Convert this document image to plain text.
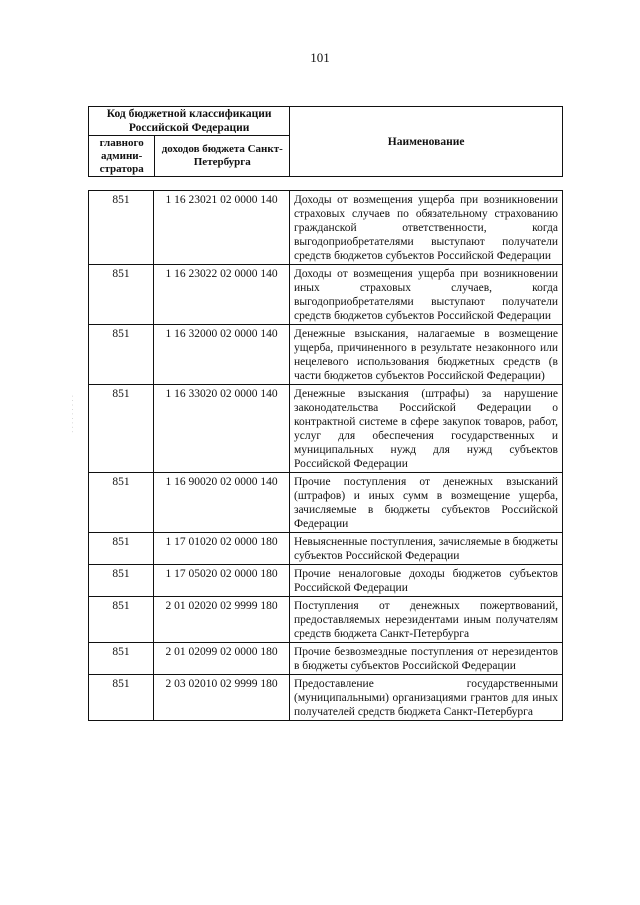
101
· · · · · · · · ·
Код бюджетной классификации Российской Федерации		Наименование
главного админи-стратора	доходов бюджета Санкт-Петербурга	
851	1 16 23021 02 0000 140	Доходы от возмещения ущерба при возникновении страховых случаев по обязательному страхованию гражданской ответственности, когда выгодоприобретателями выступают получатели средств бюджетов субъектов Российской Федерации
851	1 16 23022 02 0000 140	Доходы от возмещения ущерба при возникновении иных страховых случаев, когда выгодоприобретателями выступают получатели средств бюджетов субъектов Российской Федерации
851	1 16 32000 02 0000 140	Денежные взыскания, налагаемые в возмещение ущерба, причиненного в результате незаконного или нецелевого использования бюджетных средств (в части бюджетов субъектов Российской Федерации)
851	1 16 33020 02 0000 140	Денежные взыскания (штрафы) за нарушение законодательства Российской Федерации о контрактной системе в сфере закупок товаров, работ, услуг для обеспечения государственных и муниципальных нужд для нужд субъектов Российской Федерации
851	1 16 90020 02 0000 140	Прочие поступления от денежных взысканий (штрафов) и иных сумм в возмещение ущерба, зачисляемые в бюджеты субъектов Российской Федерации
851	1 17 01020 02 0000 180	Невыясненные поступления, зачисляемые в бюджеты субъектов Российской Федерации
851	1 17 05020 02 0000 180	Прочие неналоговые доходы бюджетов субъектов Российской Федерации
851	2 01 02020 02 9999 180	Поступления от денежных пожертвований, предоставляемых нерезидентами иным получателям средств бюджета Санкт-Петербурга
851	2 01 02099 02 0000 180	Прочие безвозмездные поступления от нерезидентов в бюджеты субъектов Российской Федерации
851	2 03 02010 02 9999 180	Предоставление государственными (муниципальными) организациями грантов для иных получателей средств бюджета Санкт-Петербурга
